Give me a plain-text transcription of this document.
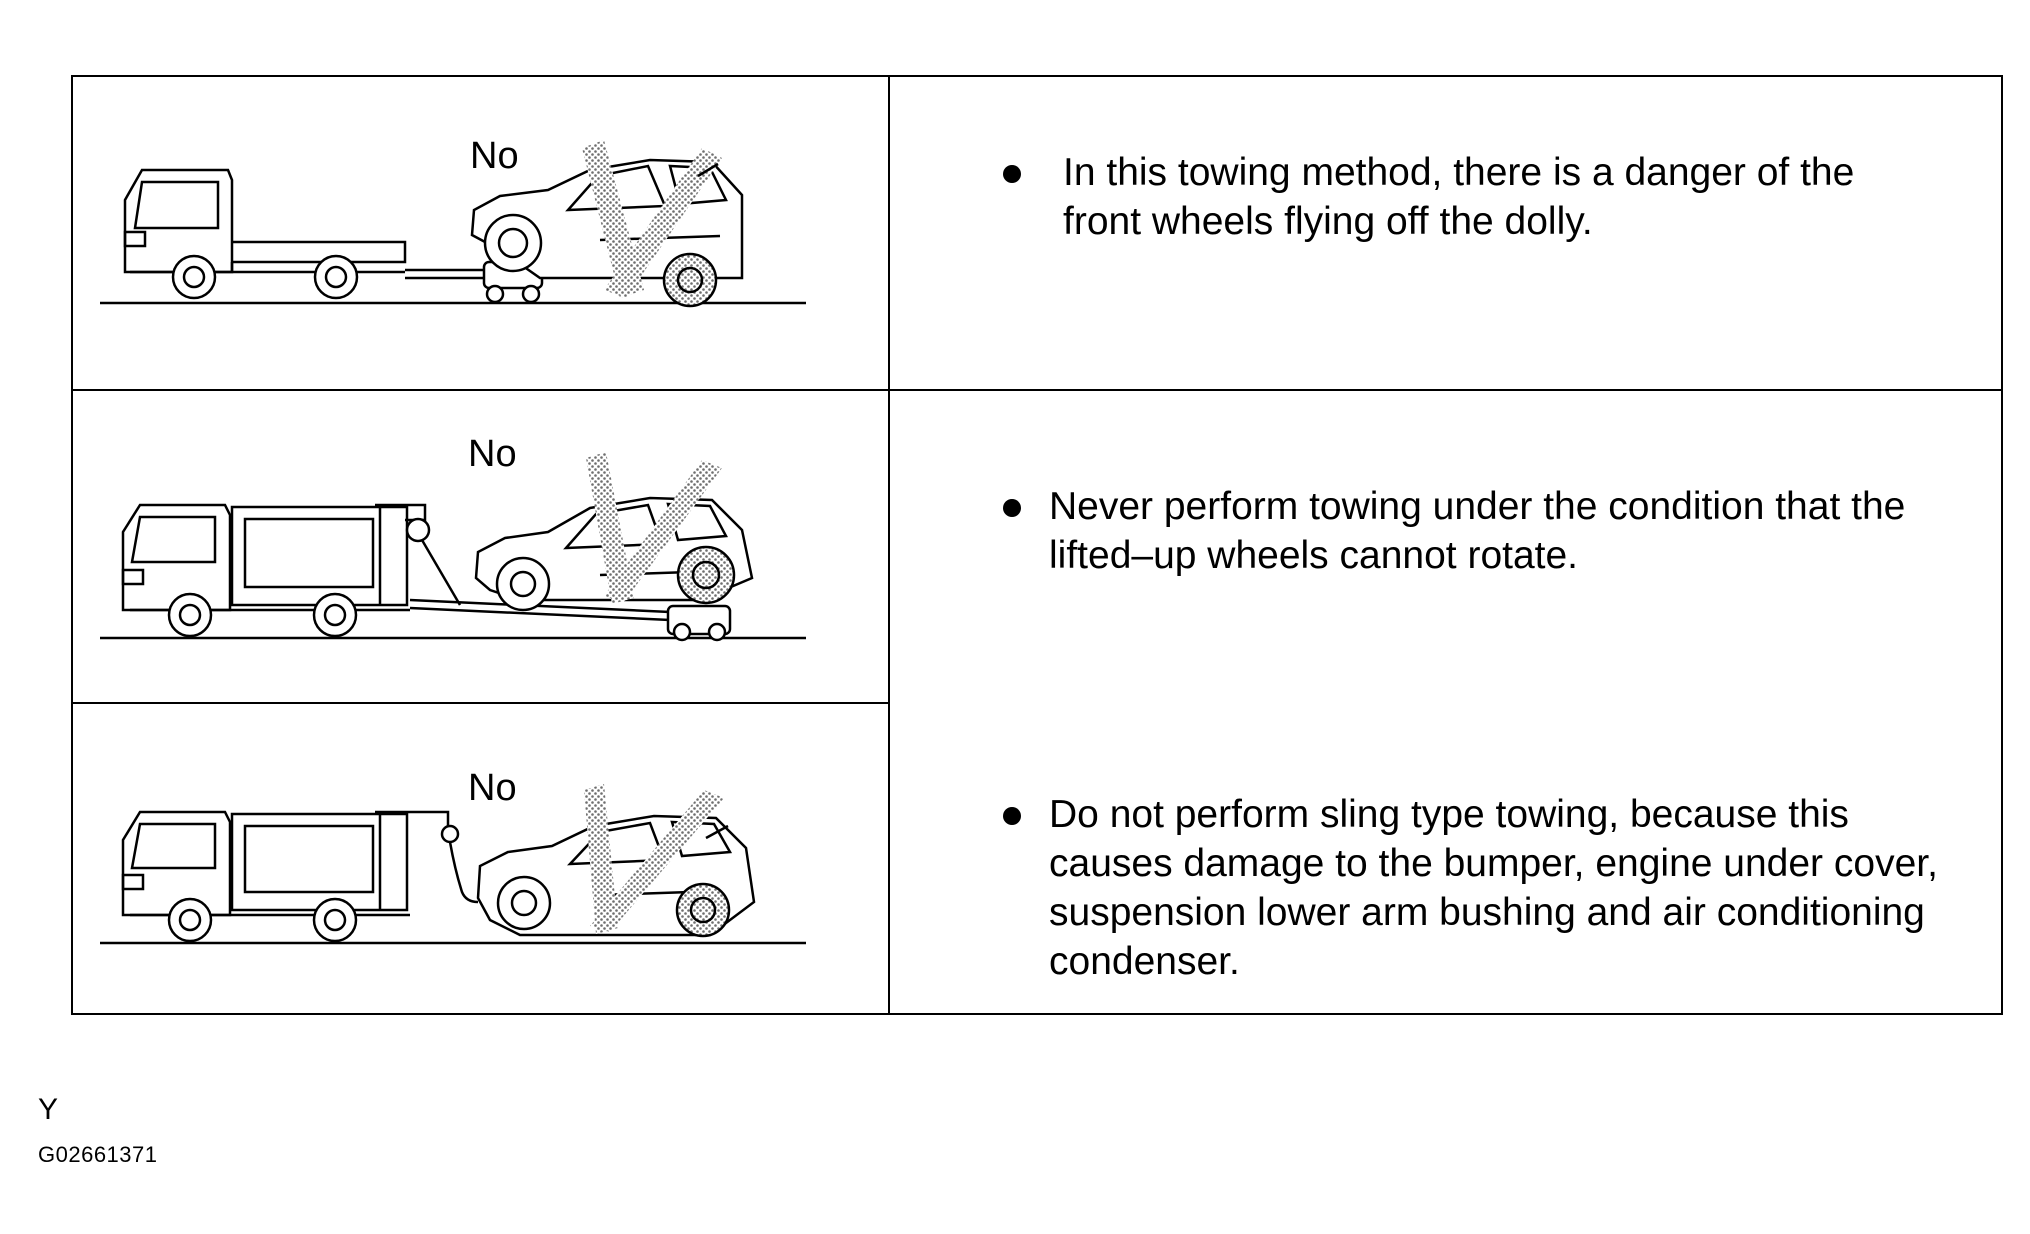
No
No
No
In this towing method, there is a danger of the
front wheels flying off the dolly.
Never perform towing under the condition that the
lifted–up wheels cannot rotate.
Do not perform sling type towing, because this
causes damage to the bumper, engine under cover,
suspension lower arm bushing and air conditioning
condenser.
Y
G02661371
